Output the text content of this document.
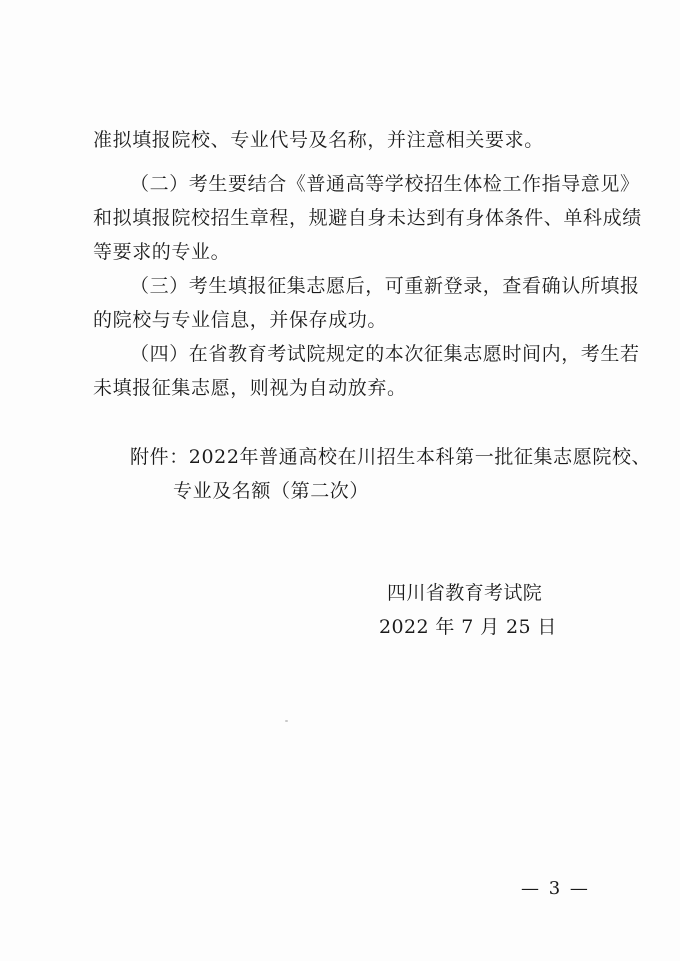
准拟填报院校、专业代号及名称，并注意相关要求。
（二）考生要结合《普通高等学校招生体检工作指导意见》
和拟填报院校招生章程，规避自身未达到有身体条件、单科成绩
等要求的专业。
（三）考生填报征集志愿后，可重新登录，查看确认所填报
的院校与专业信息，并保存成功。
（四）在省教育考试院规定的本次征集志愿时间内，考生若
未填报征集志愿，则视为自动放弃。
附件：2022年普通高校在川招生本科第一批征集志愿院校、
专业及名额（第二次）
四川省教育考试院
2022 年 7 月 25 日
— 3 —
